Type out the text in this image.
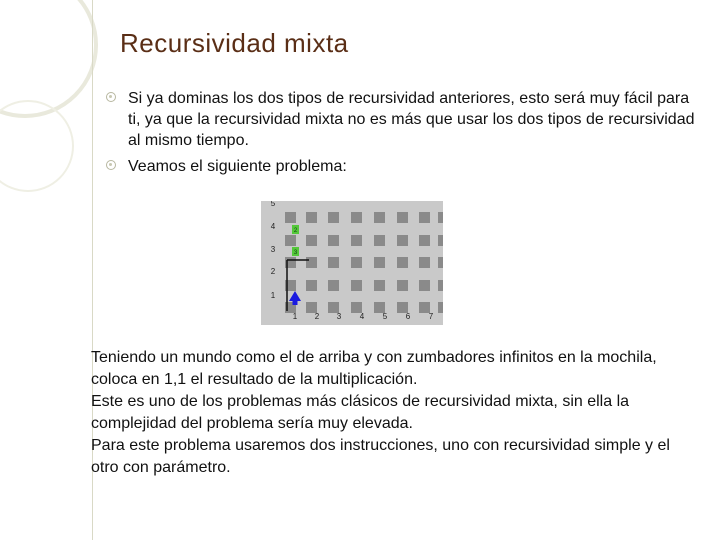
Recursividad mixta
Si ya dominas los dos tipos de recursividad anteriores, esto será muy fácil para ti, ya que la recursividad mixta no es más que usar los dos tipos de recursividad al mismo tiempo.
Veamos el siguiente problema:
5
4
3
2
1
1 2 3 4 5 6 7
2
3

Teniendo un mundo como el de arriba y con zumbadores infinitos en la mochila, coloca en 1,1 el resultado de la multiplicación.

Este es uno de los problemas más clásicos de recursividad mixta, sin ella la complejidad del problema sería muy elevada.

Para este problema usaremos dos instrucciones, uno con recursividad simple y el otro con parámetro.
